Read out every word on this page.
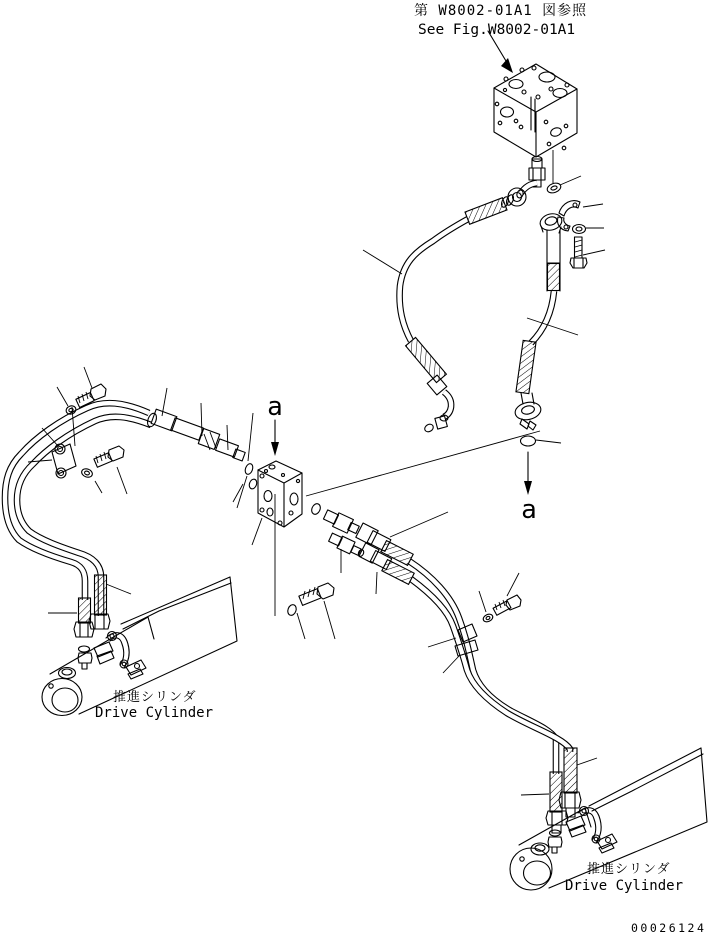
a
a
第 W8002-01A1 図参照
See Fig.W8002-01A1
推進シリンダ
Drive Cylinder
推進シリンダ
Drive Cylinder
00026124
